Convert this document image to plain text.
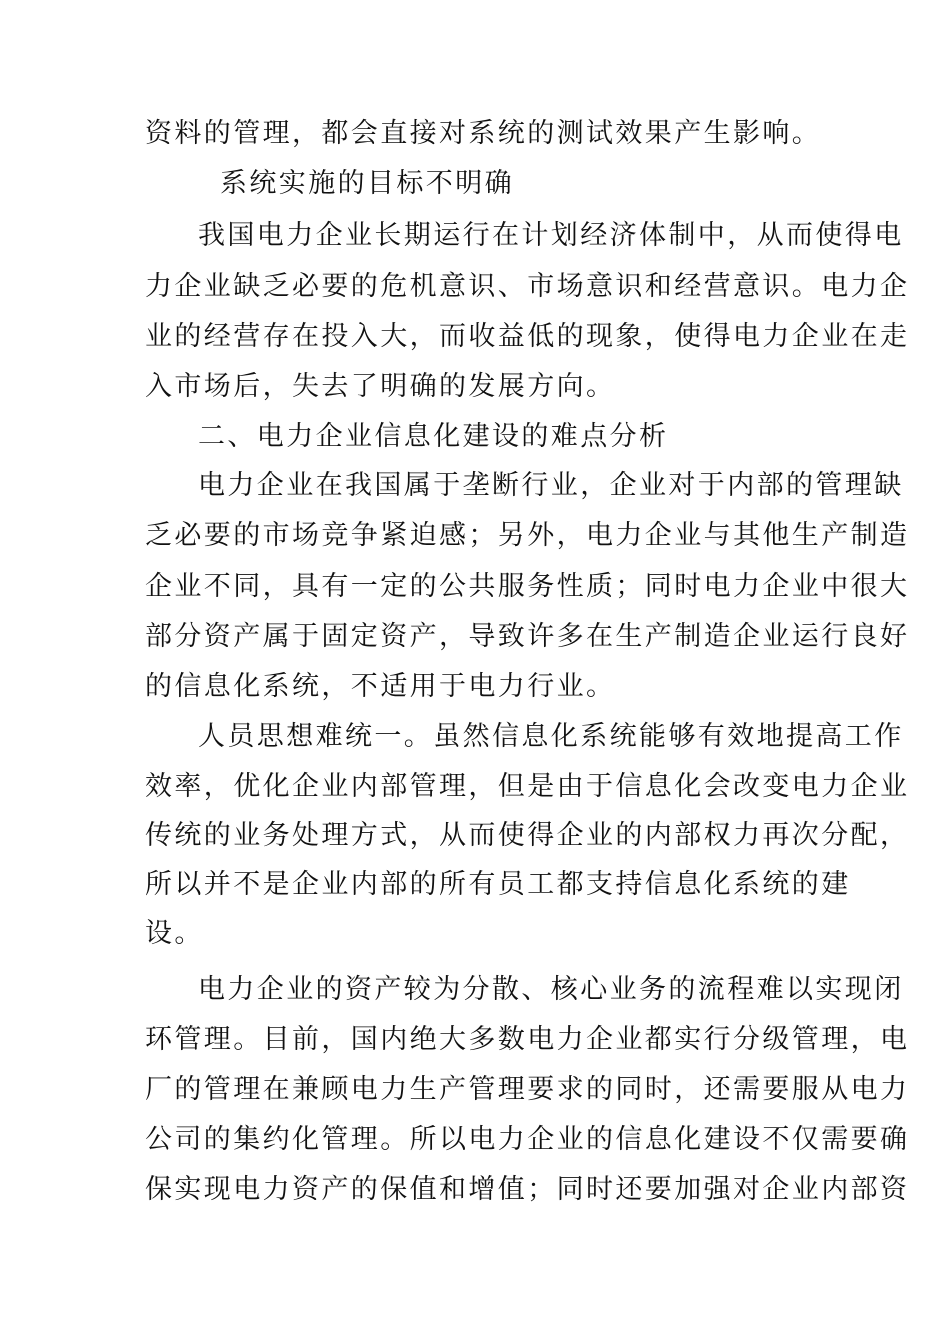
资料的管理，都会直接对系统的测试效果产生影响。
系统实施的目标不明确
我国电力企业长期运行在计划经济体制中，从而使得电
力企业缺乏必要的危机意识、市场意识和经营意识。电力企
业的经营存在投入大，而收益低的现象，使得电力企业在走
入市场后，失去了明确的发展方向。
二、电力企业信息化建设的难点分析
电力企业在我国属于垄断行业，企业对于内部的管理缺
乏必要的市场竞争紧迫感；另外，电力企业与其他生产制造
企业不同，具有一定的公共服务性质；同时电力企业中很大
部分资产属于固定资产，导致许多在生产制造企业运行良好
的信息化系统，不适用于电力行业。
人员思想难统一。虽然信息化系统能够有效地提高工作
效率，优化企业内部管理，但是由于信息化会改变电力企业
传统的业务处理方式，从而使得企业的内部权力再次分配，
所以并不是企业内部的所有员工都支持信息化系统的建
设。
电力企业的资产较为分散、核心业务的流程难以实现闭
环管理。目前，国内绝大多数电力企业都实行分级管理，电
厂的管理在兼顾电力生产管理要求的同时，还需要服从电力
公司的集约化管理。所以电力企业的信息化建设不仅需要确
保实现电力资产的保值和增值；同时还要加强对企业内部资
